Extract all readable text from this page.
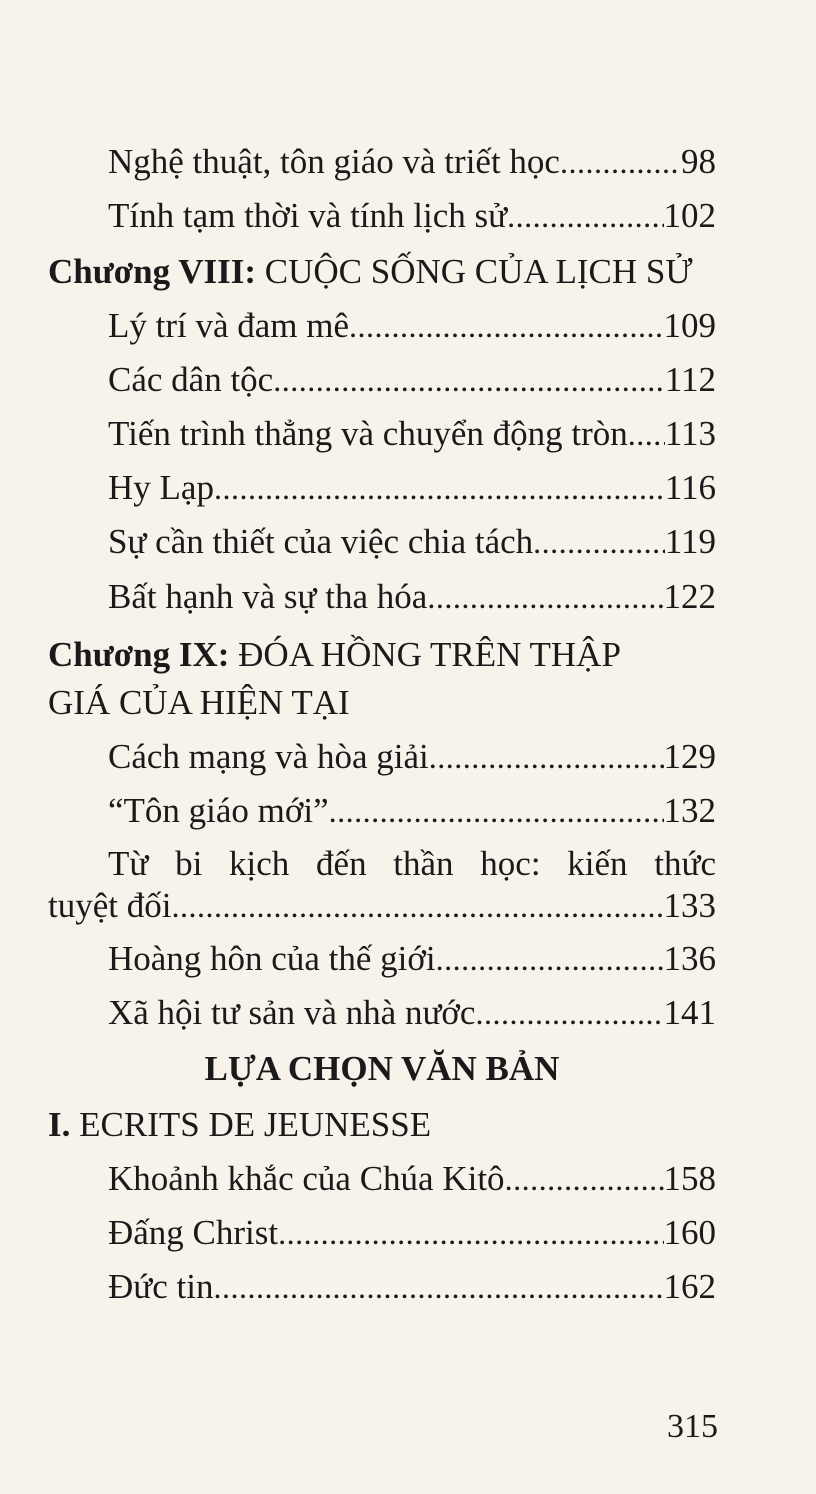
Nghệ thuật, tôn giáo và triết học .....	98
Tính tạm thời và tính lịch sử .....	102
Chương VIII: CUỘC SỐNG CỦA LỊCH SỬ
Lý trí và đam mê .....	109
Các dân tộc .....	112
Tiến trình thẳng và chuyển động tròn ..... 113
Hy Lạp .....	116
Sự cần thiết của việc chia tách .....	119
Bất hạnh và sự tha hóa .....	122
Chương IX: ĐÓA HỒNG TRÊN THẬP
GIÁ CỦA HIỆN TẠI
Cách mạng và hòa giải .....	129
“Tôn giáo mới” .....	132
Từ bi kịch đến thần học: kiến thức
tuyệt đối .....	133
Hoàng hôn của thế giới .....	136
Xã hội tư sản và nhà nước .....	141
LỰA CHỌN VĂN BẢN
I. ECRITS DE JEUNESSE
Khoảnh khắc của Chúa Kitô .....	158
Đấng Christ .....	160
Đức tin .....	162
315
